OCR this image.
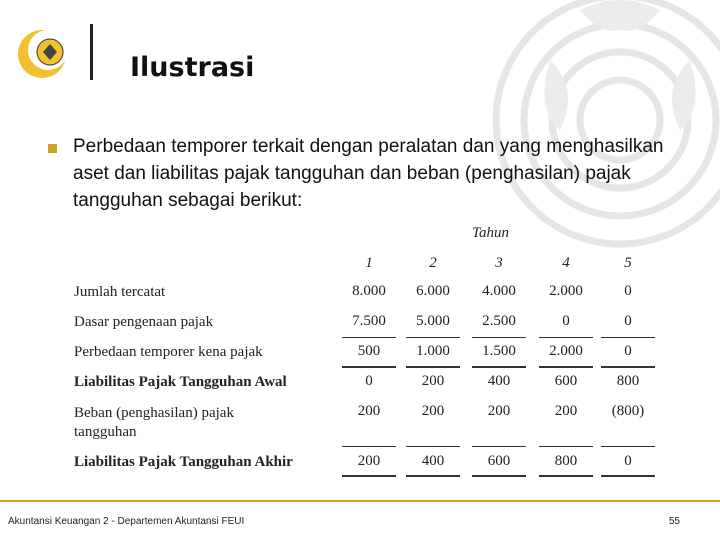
Ilustrasi
Perbedaan temporer terkait dengan peralatan dan yang menghasilkan aset dan liabilitas pajak tangguhan dan beban (penghasilan) pajak tangguhan sebagai berikut:
Tahun
1	2	3	4	5
Jumlah tercatat	8.000	6.000	4.000	2.000	0
Dasar pengenaan pajak	7.500	5.000	2.500	0	0
Perbedaan temporer kena pajak	500	1.000	1.500	2.000	0
Liabilitas Pajak Tangguhan Awal	0	200	400	600	800
Beban (penghasilan) pajak tangguhan
200	200	200	200	(800)
Liabilitas Pajak Tangguhan Akhir	200	400	600	800	0
Akuntansi Keuangan 2 - Departemen Akuntansi FEUI	55
